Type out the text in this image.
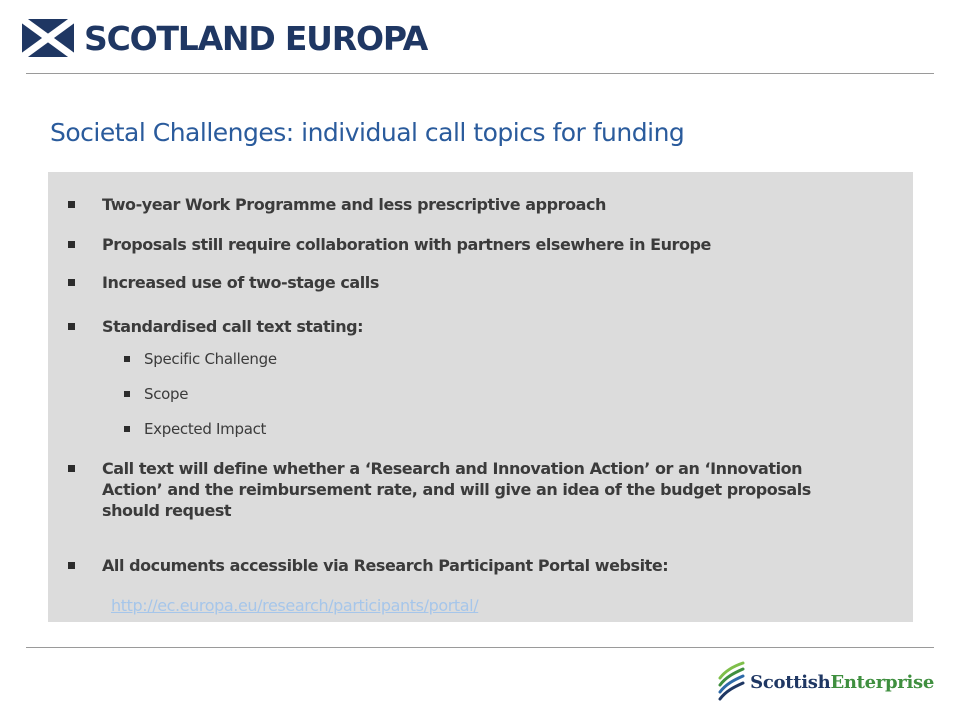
SCOTLAND EUROPA
Societal Challenges: individual call topics for funding
Two-year Work Programme and less prescriptive approach
Proposals still require collaboration with partners elsewhere in Europe
Increased use of two-stage calls
Standardised call text stating:
Specific Challenge
Scope
Expected Impact
Call text will define whether a ‘Research and Innovation Action’ or an ‘Innovation Action’ and the reimbursement rate, and will give an idea of the budget proposals should request
All documents accessible via Research Participant Portal website:
http://ec.europa.eu/research/participants/portal/
ScottishEnterprise
